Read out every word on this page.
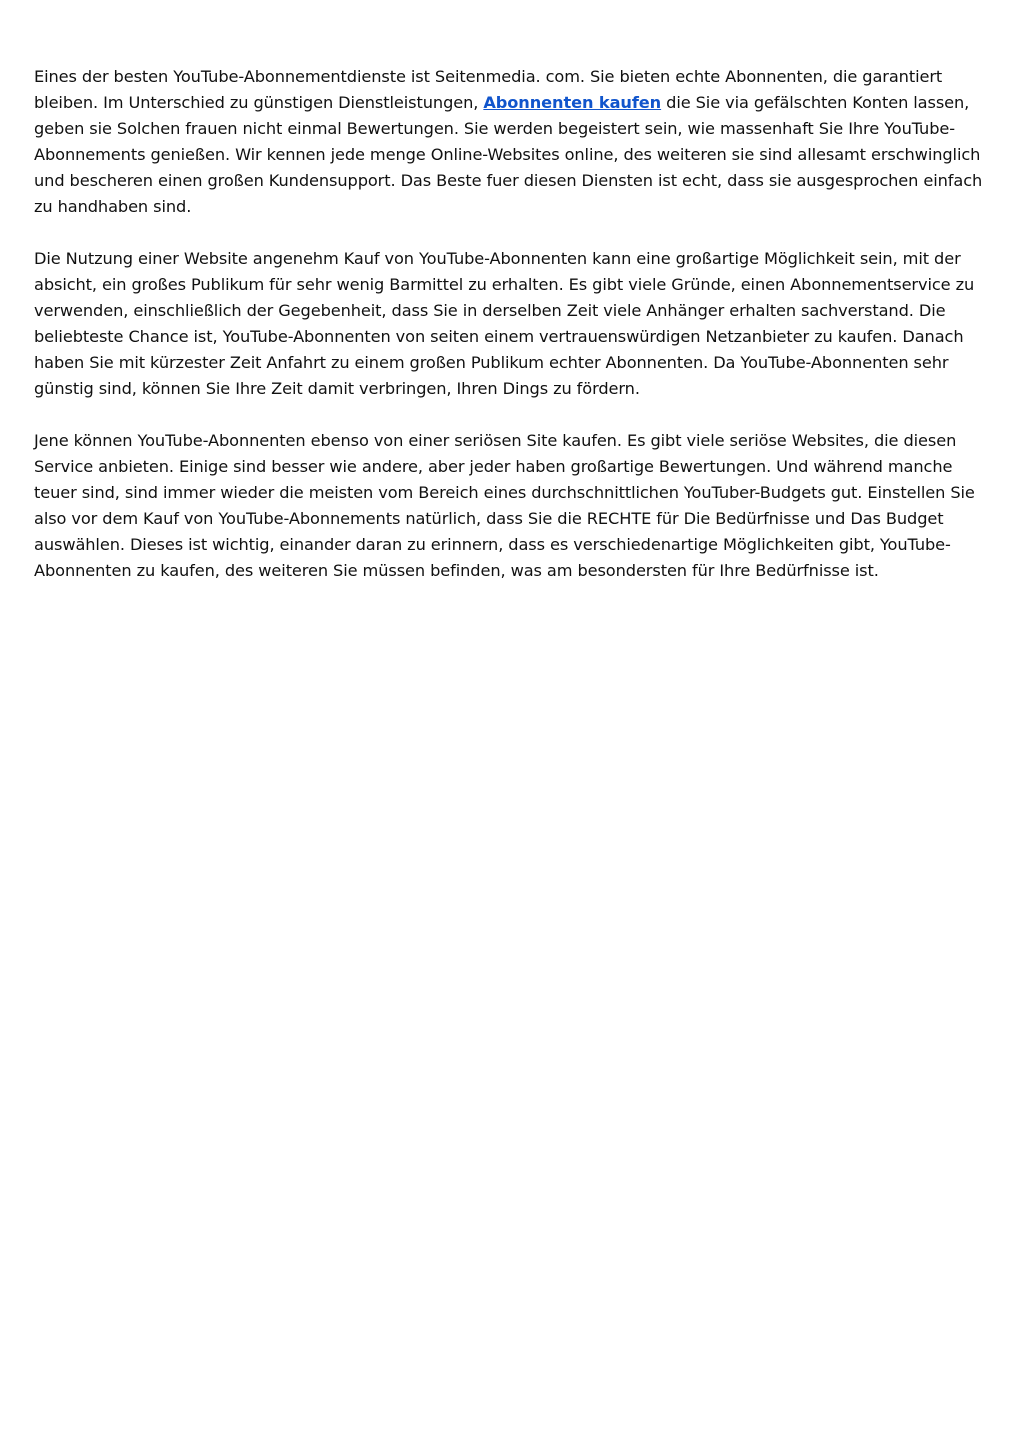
Eines der besten YouTube-Abonnementdienste ist Seitenmedia. com. Sie bieten echte Abonnenten, die garantiert bleiben. Im Unterschied zu günstigen Dienstleistungen, Abonnenten kaufen die Sie via gefälschten Konten lassen, geben sie Solchen frauen nicht einmal Bewertungen. Sie werden begeistert sein, wie massenhaft Sie Ihre YouTube-Abonnements genießen. Wir kennen jede menge Online-Websites online, des weiteren sie sind allesamt erschwinglich und bescheren einen großen Kundensupport. Das Beste fuer diesen Diensten ist echt, dass sie ausgesprochen einfach zu handhaben sind.

Die Nutzung einer Website angenehm Kauf von YouTube-Abonnenten kann eine großartige Möglichkeit sein, mit der absicht, ein großes Publikum für sehr wenig Barmittel zu erhalten. Es gibt viele Gründe, einen Abonnementservice zu verwenden, einschließlich der Gegebenheit, dass Sie in derselben Zeit viele Anhänger erhalten sachverstand. Die beliebteste Chance ist, YouTube-Abonnenten von seiten einem vertrauenswürdigen Netzanbieter zu kaufen. Danach haben Sie mit kürzester Zeit Anfahrt zu einem großen Publikum echter Abonnenten. Da YouTube-Abonnenten sehr günstig sind, können Sie Ihre Zeit damit verbringen, Ihren Dings zu fördern.

Jene können YouTube-Abonnenten ebenso von einer seriösen Site kaufen. Es gibt viele seriöse Websites, die diesen Service anbieten. Einige sind besser wie andere, aber jeder haben großartige Bewertungen. Und während manche teuer sind, sind immer wieder die meisten vom Bereich eines durchschnittlichen YouTuber-Budgets gut. Einstellen Sie also vor dem Kauf von YouTube-Abonnements natürlich, dass Sie die RECHTE für Die Bedürfnisse und Das Budget auswählen. Dieses ist wichtig, einander daran zu erinnern, dass es verschiedenartige Möglichkeiten gibt, YouTube-Abonnenten zu kaufen, des weiteren Sie müssen befinden, was am besondersten für Ihre Bedürfnisse ist.
